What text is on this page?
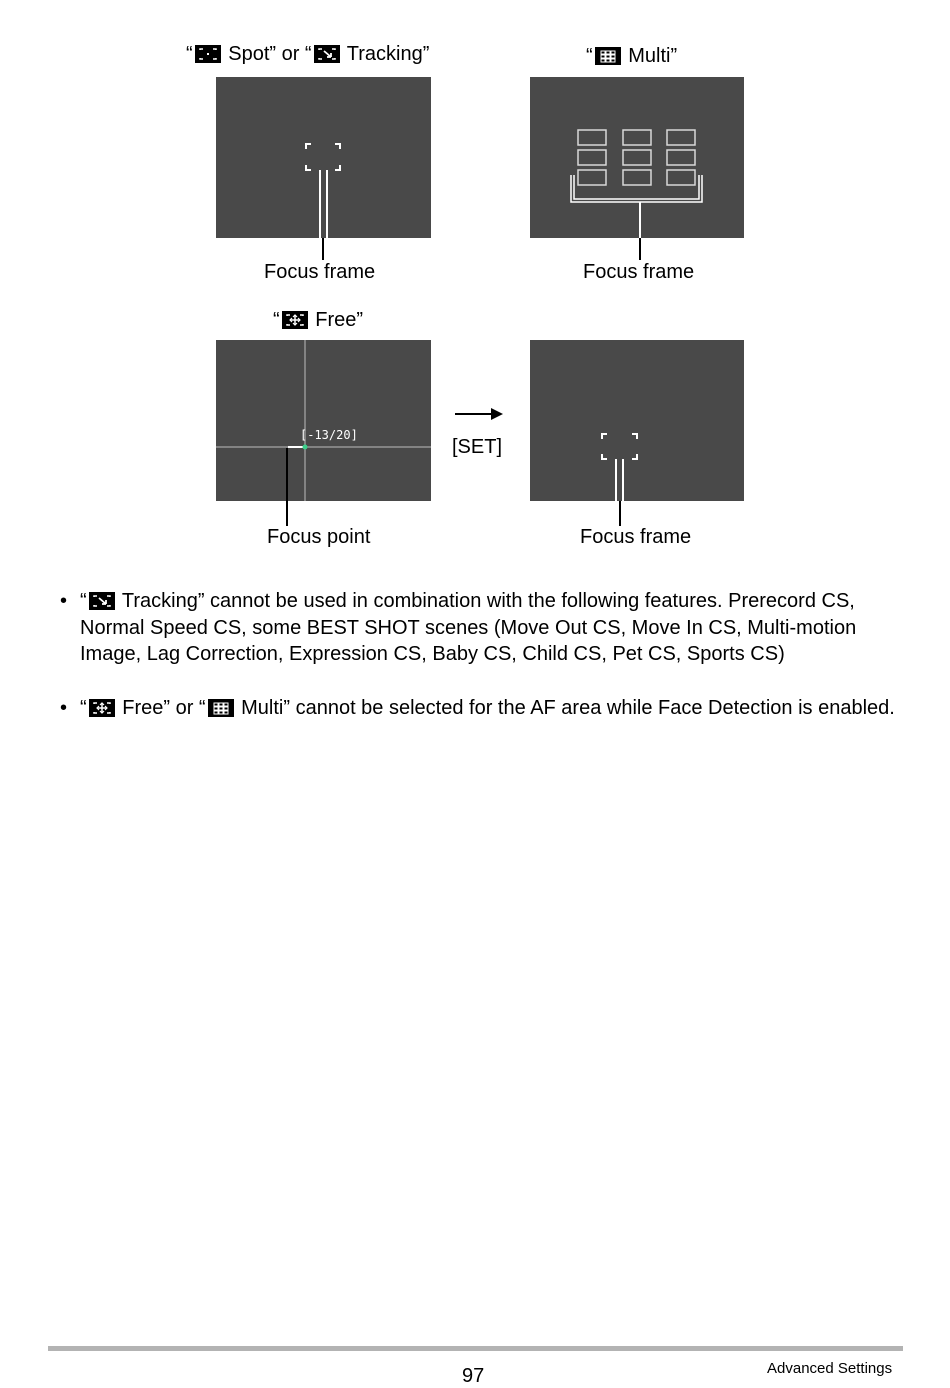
“
Spot” or “
Tracking”	“
Multi”
Focus frame	Focus frame
“
Free”
[-13/20]
Focus point
[SET]
Focus frame
• “
Tracking” cannot be used in combination with the following features. Prerecord CS, Normal Speed CS, some BEST SHOT scenes (Move Out CS, Move In CS, Multi-motion Image, Lag Correction, Expression CS, Baby CS, Child CS, Pet CS, Sports CS)
• “
Free” or “
Multi” cannot be selected for the AF area while Face Detection is enabled.
97	Advanced Settings
